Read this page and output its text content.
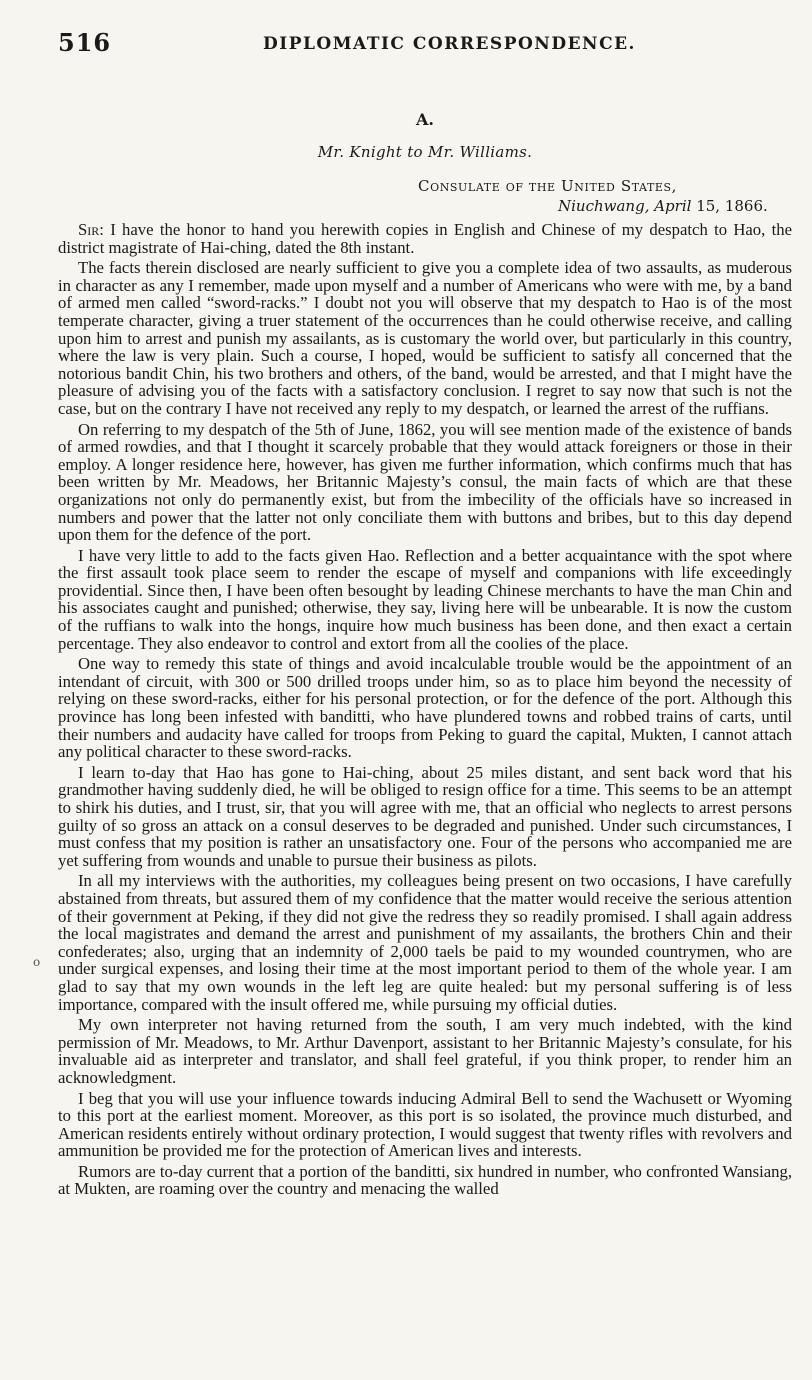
516	DIPLOMATIC CORRESPONDENCE.
A.
Mr. Knight to Mr. Williams.
Consulate of the United States,
Niuchwang, April 15, 1866.

Sir: I have the honor to hand you herewith copies in English and Chinese of my despatch to Hao, the district magistrate of Hai-ching, dated the 8th instant.

The facts therein disclosed are nearly sufficient to give you a complete idea of two assaults, as muderous in character as any I remember, made upon myself and a number of Americans who were with me, by a band of armed men called “sword-racks.” I doubt not you will observe that my despatch to Hao is of the most temperate character, giving a truer statement of the occurrences than he could otherwise receive, and calling upon him to arrest and punish my assailants, as is customary the world over, but particularly in this country, where the law is very plain. Such a course, I hoped, would be sufficient to satisfy all concerned that the notorious bandit Chin, his two brothers and others, of the band, would be arrested, and that I might have the pleasure of advising you of the facts with a satisfactory conclusion. I regret to say now that such is not the case, but on the contrary I have not received any reply to my despatch, or learned the arrest of the ruffians.

On referring to my despatch of the 5th of June, 1862, you will see mention made of the existence of bands of armed rowdies, and that I thought it scarcely probable that they would attack foreigners or those in their employ. A longer residence here, however, has given me further information, which confirms much that has been written by Mr. Meadows, her Britannic Majesty’s consul, the main facts of which are that these organizations not only do permanently exist, but from the imbecility of the officials have so increased in numbers and power that the latter not only conciliate them with buttons and bribes, but to this day depend upon them for the defence of the port.

I have very little to add to the facts given Hao. Reflection and a better acquaintance with the spot where the first assault took place seem to render the escape of myself and companions with life exceedingly providential. Since then, I have been often besought by leading Chinese merchants to have the man Chin and his associates caught and punished; otherwise, they say, living here will be unbearable. It is now the custom of the ruffians to walk into the hongs, inquire how much business has been done, and then exact a certain percentage. They also endeavor to control and extort from all the coolies of the place.

One way to remedy this state of things and avoid incalculable trouble would be the appointment of an intendant of circuit, with 300 or 500 drilled troops under him, so as to place him beyond the necessity of relying on these sword-racks, either for his personal protection, or for the defence of the port. Although this province has long been infested with banditti, who have plundered towns and robbed trains of carts, until their numbers and audacity have called for troops from Peking to guard the capital, Mukten, I cannot attach any political character to these sword-racks.

I learn to-day that Hao has gone to Hai-ching, about 25 miles distant, and sent back word that his grandmother having suddenly died, he will be obliged to resign office for a time. This seems to be an attempt to shirk his duties, and I trust, sir, that you will agree with me, that an official who neglects to arrest persons guilty of so gross an attack on a consul deserves to be degraded and punished. Under such circumstances, I must confess that my position is rather an unsatisfactory one. Four of the persons who accompanied me are yet suffering from wounds and unable to pursue their business as pilots.

In all my interviews with the authorities, my colleagues being present on two occasions, I have carefully abstained from threats, but assured them of my confidence that the matter would receive the serious attention of their government at Peking, if they did not give the redress they so readily promised. I shall again address the local magistrates and demand the arrest and punishment of my assailants, the brothers Chin and their confederates; also, urging that an indemnity of 2,000 taels be paid to my wounded countrymen, who are under surgical expenses, and losing their time at the most important period to them of the whole year. I am glad to say that my own wounds in the left leg are quite healed: but my personal suffering is of less importance, compared with the insult offered me, while pursuing my official duties.

My own interpreter not having returned from the south, I am very much indebted, with the kind permission of Mr. Meadows, to Mr. Arthur Davenport, assistant to her Britannic Majesty’s consulate, for his invaluable aid as interpreter and translator, and shall feel grateful, if you think proper, to render him an acknowledgment.

I beg that you will use your influence towards inducing Admiral Bell to send the Wachusett or Wyoming to this port at the earliest moment. Moreover, as this port is so isolated, the province much disturbed, and American residents entirely without ordinary protection, I would suggest that twenty rifles with revolvers and ammunition be provided me for the protection of American lives and interests.

Rumors are to-day current that a portion of the banditti, six hundred in number, who confronted Wansiang, at Mukten, are roaming over the country and menacing the walled

o
